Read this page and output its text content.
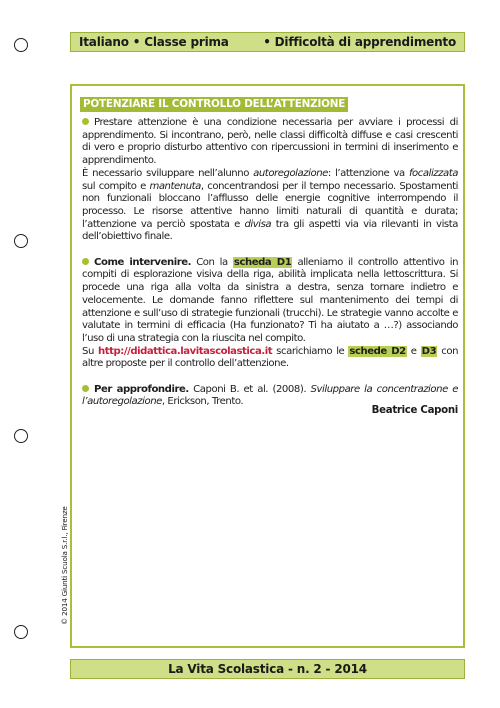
Italiano • Classe prima	• Difficoltà di apprendimento
POTENZIARE IL CONTROLLO DELL’ATTENZIONE

Prestare attenzione è una condizione necessaria per avviare i processi di apprendimento. Si incontrano, però, nelle classi difficoltà diffuse e casi crescenti di vero e proprio disturbo attentivo con ripercussioni in termini di inserimento e apprendimento.

È necessario sviluppare nell’alunno autoregolazione: l’attenzione va focalizzata sul compito e mantenuta, concentrandosi per il tempo necessario. Spostamenti non funzionali bloccano l’afflusso delle energie cognitive interrompendo il processo. Le risorse attentive hanno limiti naturali di quantità e durata; l’attenzione va perciò spostata e divisa tra gli aspetti via via rilevanti in vista dell’obiettivo finale.

Come intervenire. Con la scheda D1 alleniamo il controllo attentivo in compiti di esplorazione visiva della riga, abilità implicata nella lettoscrittura. Si procede una riga alla volta da sinistra a destra, senza tornare indietro e velocemente. Le domande fanno riflettere sul mantenimento dei tempi di attenzione e sull’uso di strategie funzionali (trucchi). Le strategie vanno accolte e valutate in termini di efficacia (Ha funzionato? Ti ha aiutato a …?) associando l’uso di una strategia con la riuscita nel compito.

Su http://didattica.lavitascolastica.it scarichiamo le schede D2 e D3 con altre proposte per il controllo dell’attenzione.

Per approfondire. Caponi B. et al. (2008). Sviluppare la concentrazione e l’autoregolazione, Erickson, Trento.

Beatrice Caponi
© 2014 Giunti Scuola S.r.l., Firenze
La Vita Scolastica - n. 2 - 2014
